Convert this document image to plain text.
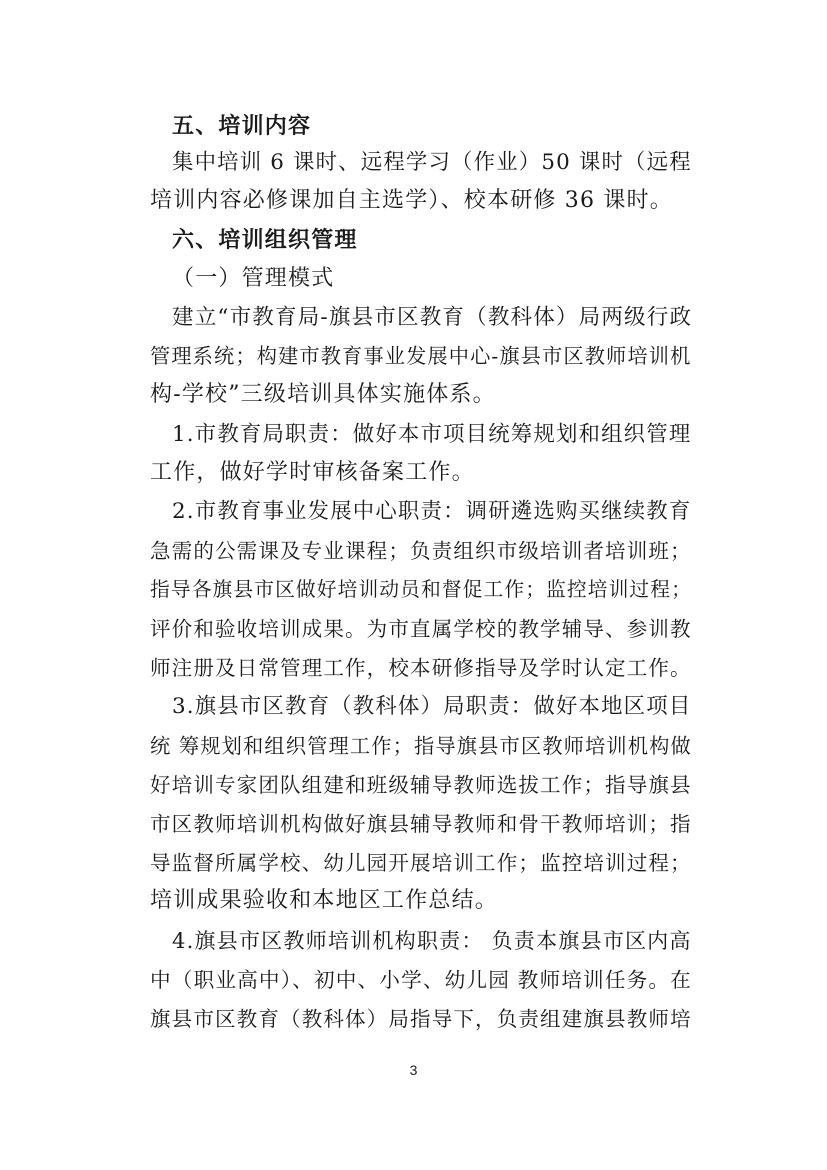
五、培训内容
集中培训 6 课时、远程学习（作业）50 课时（远程
培训内容必修课加自主选学）、校本研修 36 课时。
六、培训组织管理
（一）管理模式
建立“市教育局-旗县市区教育（教科体）局两级行政
管理系统；构建市教育事业发展中心-旗县市区教师培训机
构-学校”三级培训具体实施体系。
1.市教育局职责：做好本市项目统筹规划和组织管理
工作，做好学时审核备案工作。
2.市教育事业发展中心职责：调研遴选购买继续教育
急需的公需课及专业课程；负责组织市级培训者培训班；
指导各旗县市区做好培训动员和督促工作；监控培训过程；
评价和验收培训成果。为市直属学校的教学辅导、参训教
师注册及日常管理工作，校本研修指导及学时认定工作。
3.旗县市区教育（教科体）局职责：做好本地区项目
统 筹规划和组织管理工作；指导旗县市区教师培训机构做
好培训专家团队组建和班级辅导教师选拔工作；指导旗县
市区教师培训机构做好旗县辅导教师和骨干教师培训；指
导监督所属学校、幼儿园开展培训工作；监控培训过程；
培训成果验收和本地区工作总结。
4.旗县市区教师培训机构职责： 负责本旗县市区内高
中（职业高中）、初中、小学、幼儿园 教师培训任务。在
旗县市区教育（教科体）局指导下，负责组建旗县教师培
3
